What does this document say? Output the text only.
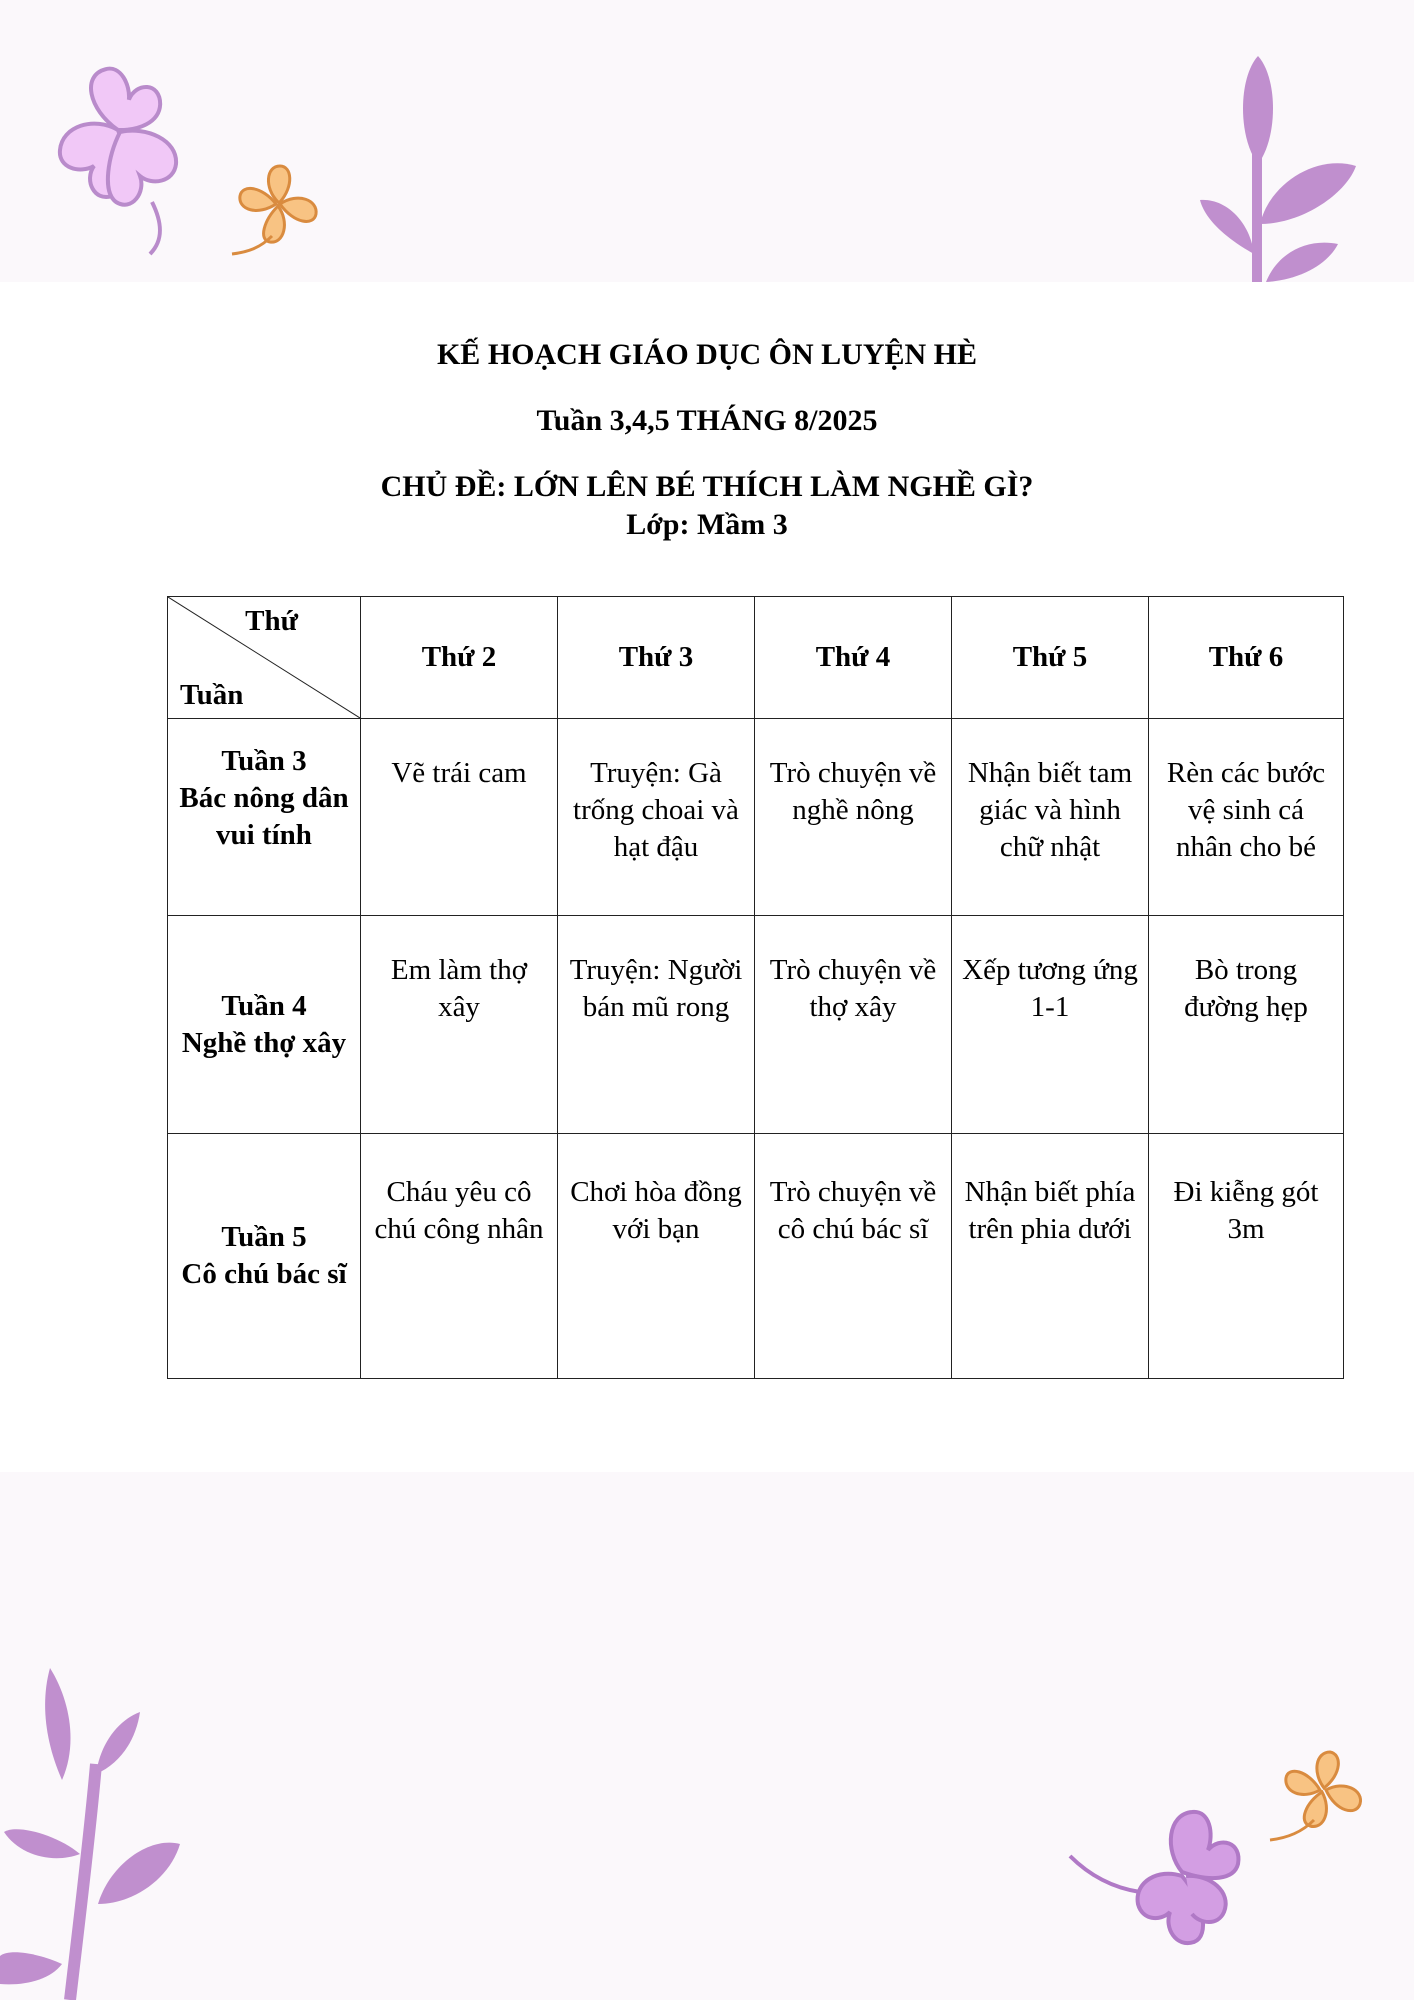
KẾ HOẠCH GIÁO DỤC ÔN LUYỆN HÈ
Tuần 3,4,5 THÁNG 8/2025
CHỦ ĐỀ: LỚN LÊN BÉ THÍCH LÀM NGHỀ GÌ?
Lớp: Mầm 3
Thứ
Tuần	Thứ 2	Thứ 3	Thứ 4	Thứ 5	Thứ 6

Tuần 3
Bác nông dân vui tính	Vẽ trái cam	Truyện: Gà trống choai và hạt đậu	Trò chuyện về nghề nông	Nhận biết tam giác và hình chữ nhật	Rèn các bước vệ sinh cá nhân cho bé

Tuần 4
Nghề thợ xây	Em làm thợ xây	Truyện: Người bán mũ rong	Trò chuyện về thợ xây	Xếp tương ứng 1-1	Bò trong đường hẹp

Tuần 5
Cô chú bác sĩ	Cháu yêu cô chú công nhân	Chơi hòa đồng với bạn	Trò chuyện về cô chú bác sĩ	Nhận biết phía trên phia dưới	Đi kiễng gót 3m
